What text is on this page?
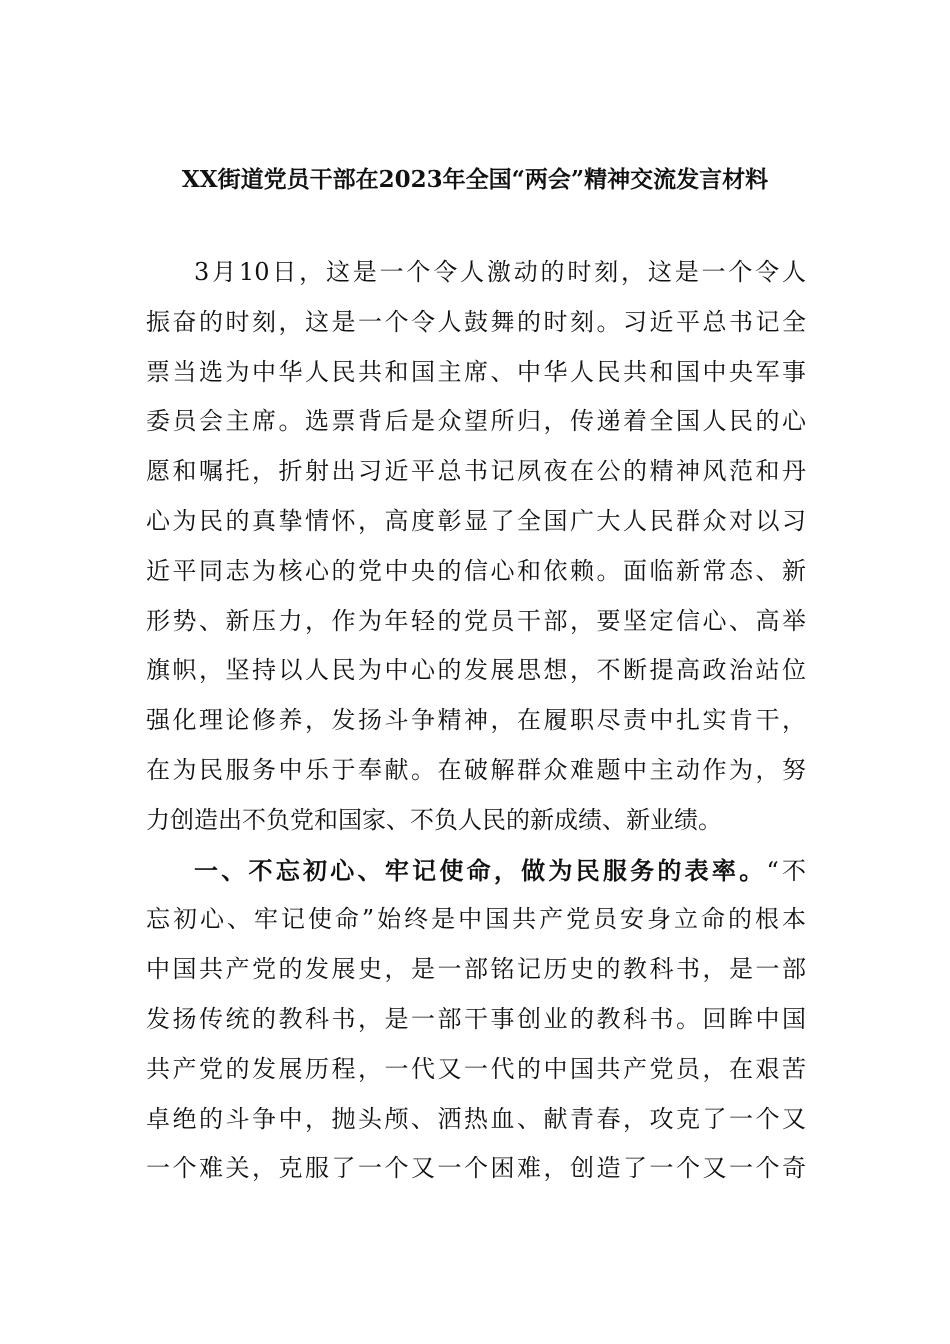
XX街道党员干部在2023年全国“两会”精神交流发言材料
3月10日，这是一个令人激动的时刻，这是一个令人
振奋的时刻，这是一个令人鼓舞的时刻。习近平总书记全
票当选为中华人民共和国主席、中华人民共和国中央军事
委员会主席。选票背后是众望所归，传递着全国人民的心
愿和嘱托，折射出习近平总书记夙夜在公的精神风范和丹
心为民的真挚情怀，高度彰显了全国广大人民群众对以习
近平同志为核心的党中央的信心和依赖。面临新常态、新
形势、新压力，作为年轻的党员干部，要坚定信心、高举
旗帜，坚持以人民为中心的发展思想，不断提高政治站位
强化理论修养，发扬斗争精神，在履职尽责中扎实肯干，
在为民服务中乐于奉献。在破解群众难题中主动作为，努
力创造出不负党和国家、不负人民的新成绩、新业绩。
一、不忘初心、牢记使命，做为民服务的表率。“不
忘初心、牢记使命”始终是中国共产党员安身立命的根本
中国共产党的发展史，是一部铭记历史的教科书，是一部
发扬传统的教科书，是一部干事创业的教科书。回眸中国
共产党的发展历程，一代又一代的中国共产党员，在艰苦
卓绝的斗争中，抛头颅、洒热血、献青春，攻克了一个又
一个难关，克服了一个又一个困难，创造了一个又一个奇
